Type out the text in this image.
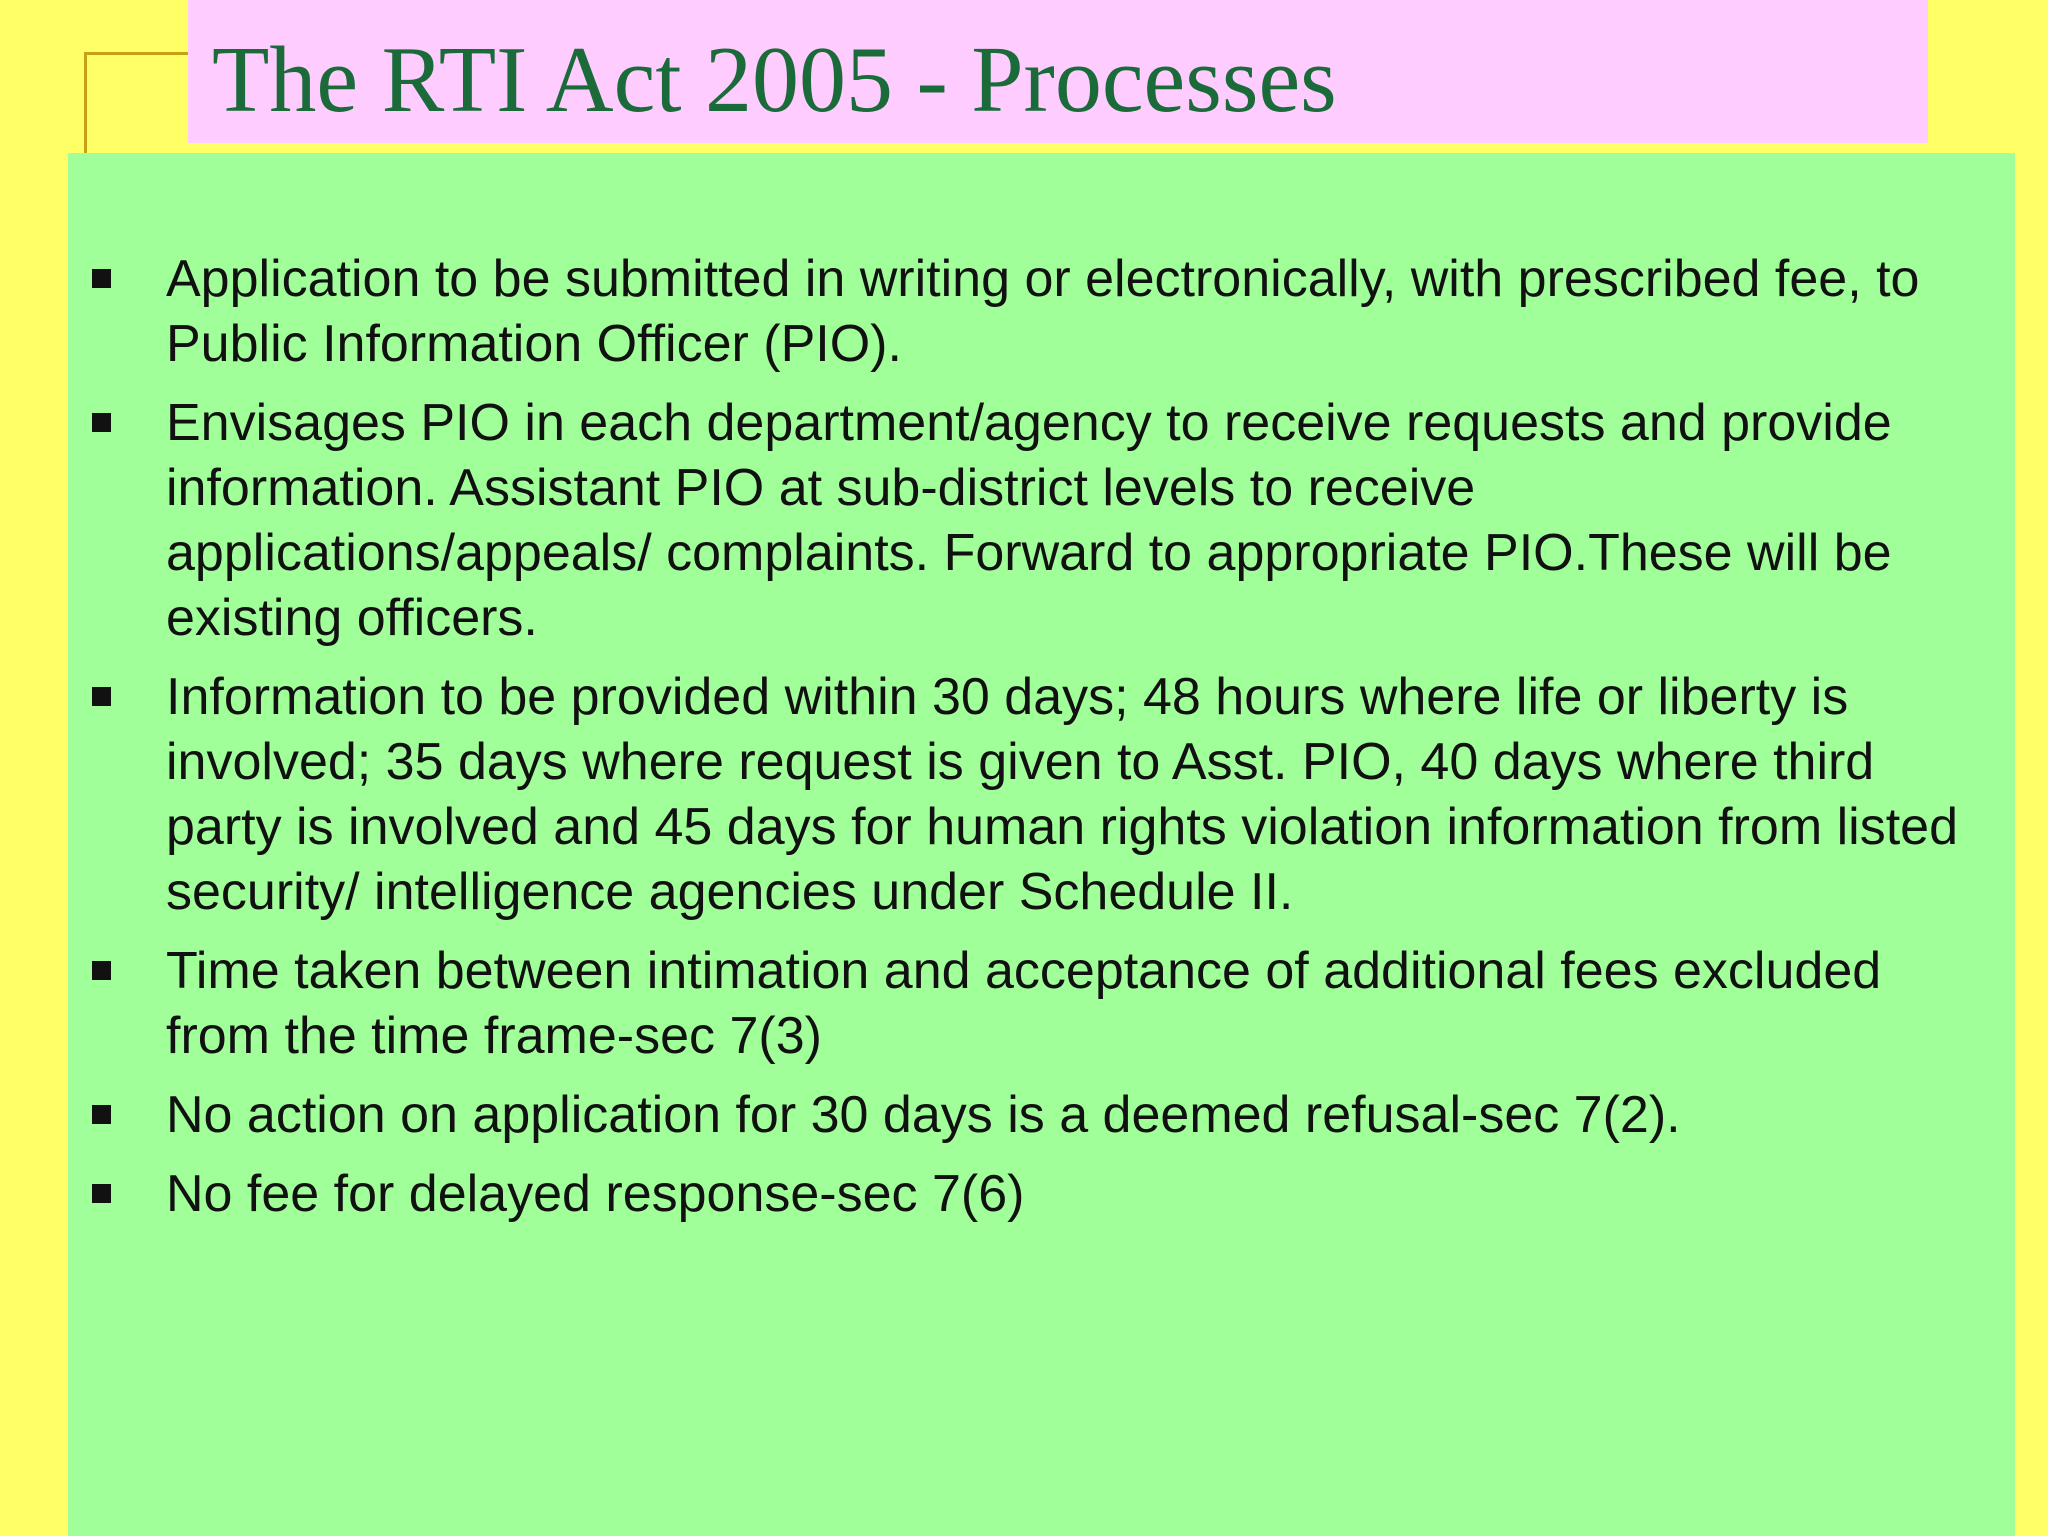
The RTI Act 2005 - Processes
Application to be submitted in writing or electronically, with prescribed fee, to Public Information Officer (PIO).
Envisages PIO in each department/agency to receive requests and provide information. Assistant PIO at sub-district levels to receive applications/appeals/ complaints. Forward to appropriate PIO.These will be existing officers.
Information to be provided within 30 days; 48 hours where life or liberty is involved; 35 days where request is given to Asst. PIO, 40 days where third party is involved and 45 days for human rights violation information from listed security/ intelligence agencies under Schedule II.
Time taken between intimation and acceptance of additional fees excluded from the time frame-sec 7(3)
No action on application for 30 days is a deemed refusal-sec 7(2).
No fee for delayed response-sec 7(6)
